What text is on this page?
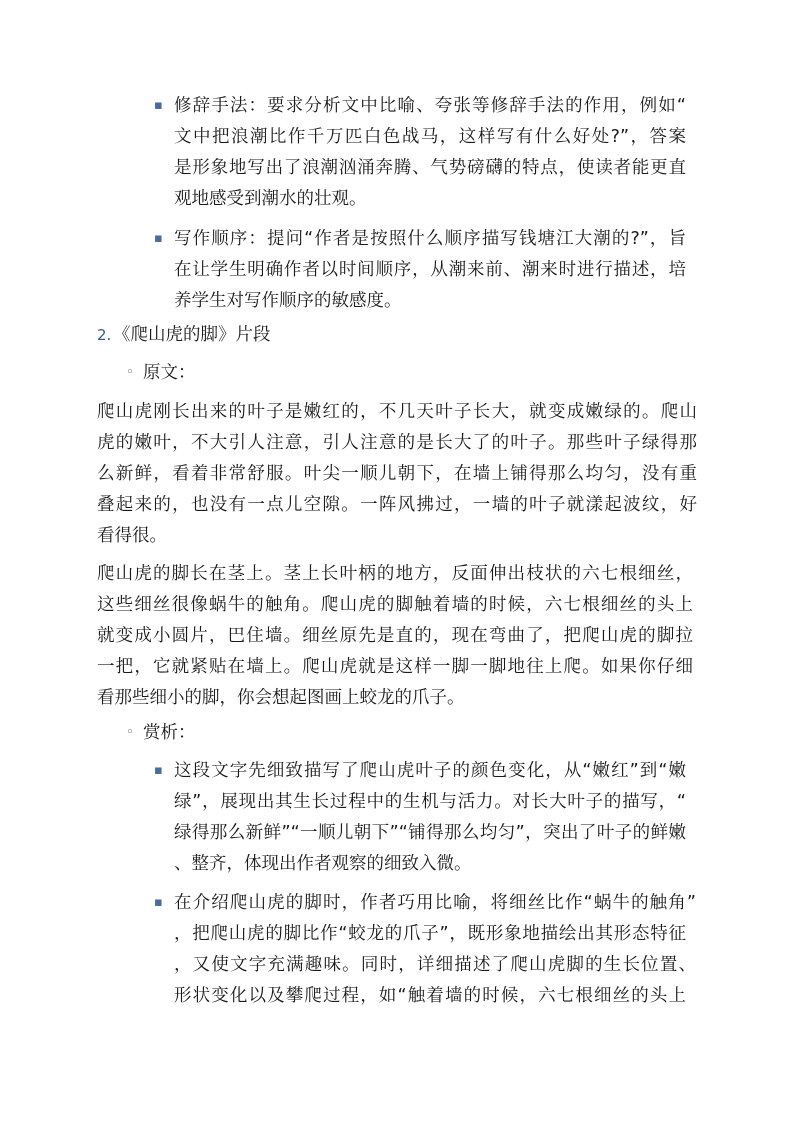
▪ 修辞手法：要求分析文中比喻、夸张等修辞手法的作用，例如“
文中把浪潮比作千万匹白色战马，这样写有什么好处?”，答案
是形象地写出了浪潮汹涌奔腾、气势磅礴的特点，使读者能更直
观地感受到潮水的壮观。
▪ 写作顺序：提问“作者是按照什么顺序描写钱塘江大潮的?”，旨
在让学生明确作者以时间顺序，从潮来前、潮来时进行描述，培
养学生对写作顺序的敏感度。
2. 《爬山虎的脚》片段
◦ 原文：
爬山虎刚长出来的叶子是嫩红的，不几天叶子长大，就变成嫩绿的。爬山
虎的嫩叶，不大引人注意，引人注意的是长大了的叶子。那些叶子绿得那
么新鲜，看着非常舒服。叶尖一顺儿朝下，在墙上铺得那么均匀，没有重
叠起来的，也没有一点儿空隙。一阵风拂过，一墙的叶子就漾起波纹，好
看得很。
爬山虎的脚长在茎上。茎上长叶柄的地方，反面伸出枝状的六七根细丝，
这些细丝很像蜗牛的触角。爬山虎的脚触着墙的时候，六七根细丝的头上
就变成小圆片，巴住墙。细丝原先是直的，现在弯曲了，把爬山虎的脚拉
一把，它就紧贴在墙上。爬山虎就是这样一脚一脚地往上爬。如果你仔细
看那些细小的脚，你会想起图画上蛟龙的爪子。
◦ 赏析：
▪ 这段文字先细致描写了爬山虎叶子的颜色变化，从“嫩红”到“嫩
绿”，展现出其生长过程中的生机与活力。对长大叶子的描写，“
绿得那么新鲜”“一顺儿朝下”“铺得那么均匀”，突出了叶子的鲜嫩
、整齐，体现出作者观察的细致入微。
▪ 在介绍爬山虎的脚时，作者巧用比喻，将细丝比作“蜗牛的触角”
，把爬山虎的脚比作“蛟龙的爪子”，既形象地描绘出其形态特征
，又使文字充满趣味。同时，详细描述了爬山虎脚的生长位置、
形状变化以及攀爬过程，如“触着墙的时候，六七根细丝的头上
